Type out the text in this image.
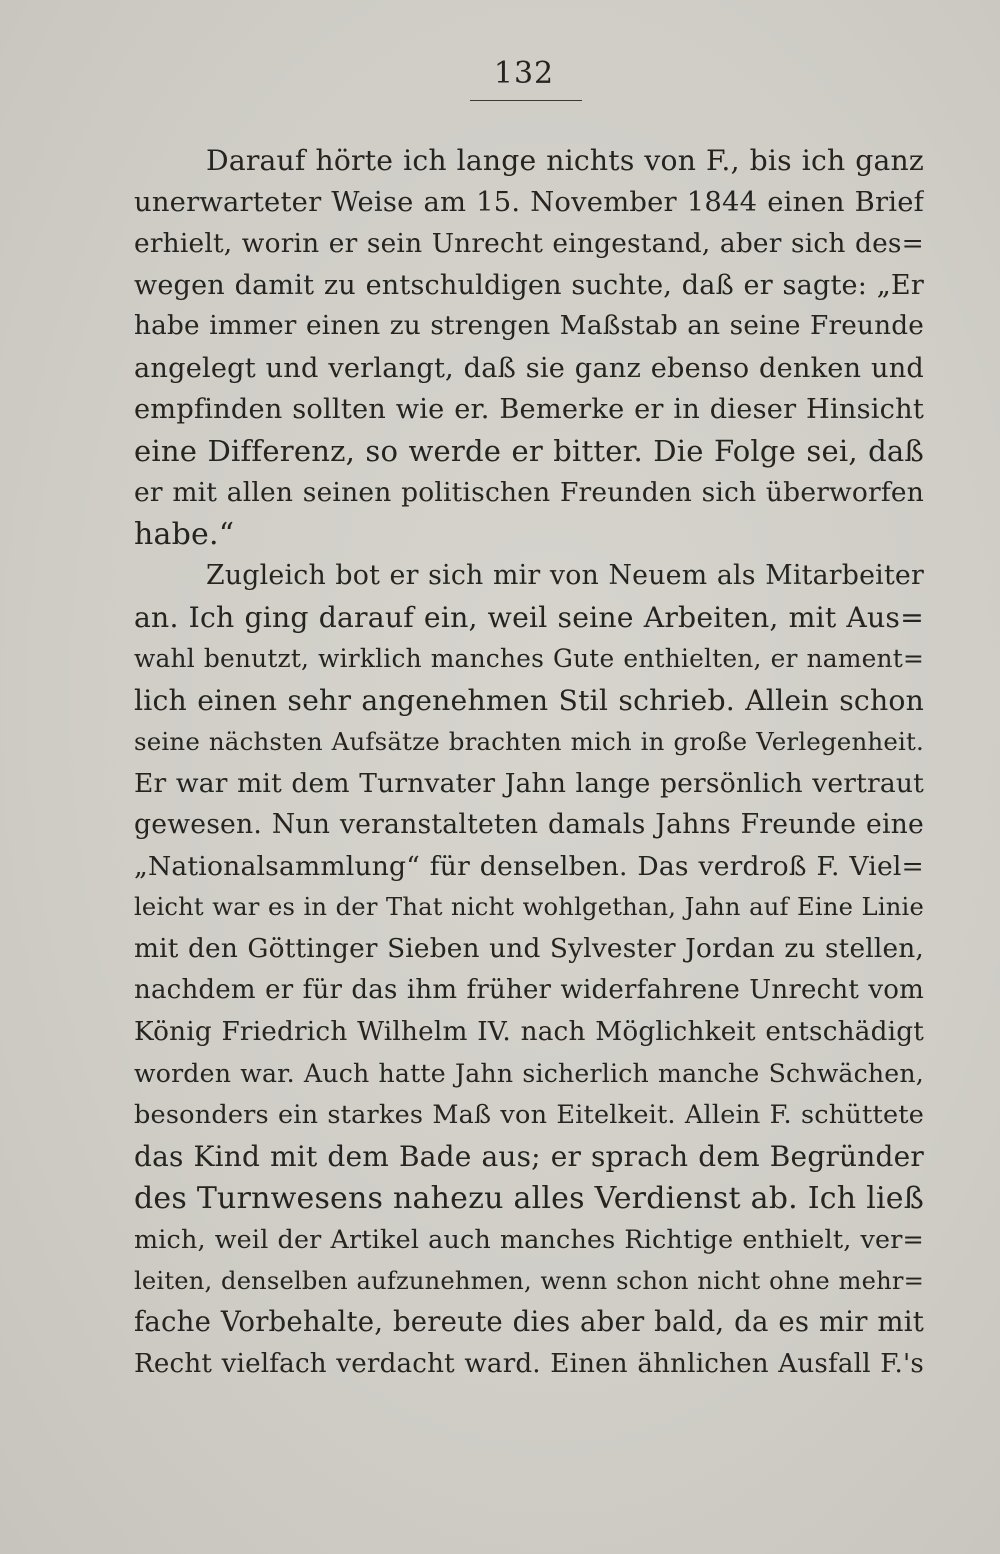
132
Darauf hörte ich lange nichts von F., bis ich ganz
unerwarteter Weise am 15. November 1844 einen Brief
erhielt, worin er sein Unrecht eingestand, aber sich des=
wegen damit zu entschuldigen suchte, daß er sagte: „Er
habe immer einen zu strengen Maßstab an seine Freunde
angelegt und verlangt, daß sie ganz ebenso denken und
empfinden sollten wie er. Bemerke er in dieser Hinsicht
eine Differenz, so werde er bitter. Die Folge sei, daß
er mit allen seinen politischen Freunden sich überworfen
habe.“
Zugleich bot er sich mir von Neuem als Mitarbeiter
an. Ich ging darauf ein, weil seine Arbeiten, mit Aus=
wahl benutzt, wirklich manches Gute enthielten, er nament=
lich einen sehr angenehmen Stil schrieb. Allein schon
seine nächsten Aufsätze brachten mich in große Verlegenheit.
Er war mit dem Turnvater Jahn lange persönlich vertraut
gewesen. Nun veranstalteten damals Jahns Freunde eine
„Nationalsammlung“ für denselben. Das verdroß F. Viel=
leicht war es in der That nicht wohlgethan, Jahn auf Eine Linie
mit den Göttinger Sieben und Sylvester Jordan zu stellen,
nachdem er für das ihm früher widerfahrene Unrecht vom
König Friedrich Wilhelm IV. nach Möglichkeit entschädigt
worden war. Auch hatte Jahn sicherlich manche Schwächen,
besonders ein starkes Maß von Eitelkeit. Allein F. schüttete
das Kind mit dem Bade aus; er sprach dem Begründer
des Turnwesens nahezu alles Verdienst ab. Ich ließ
mich, weil der Artikel auch manches Richtige enthielt, ver=
leiten, denselben aufzunehmen, wenn schon nicht ohne mehr=
fache Vorbehalte, bereute dies aber bald, da es mir mit
Recht vielfach verdacht ward. Einen ähnlichen Ausfall F.'s
